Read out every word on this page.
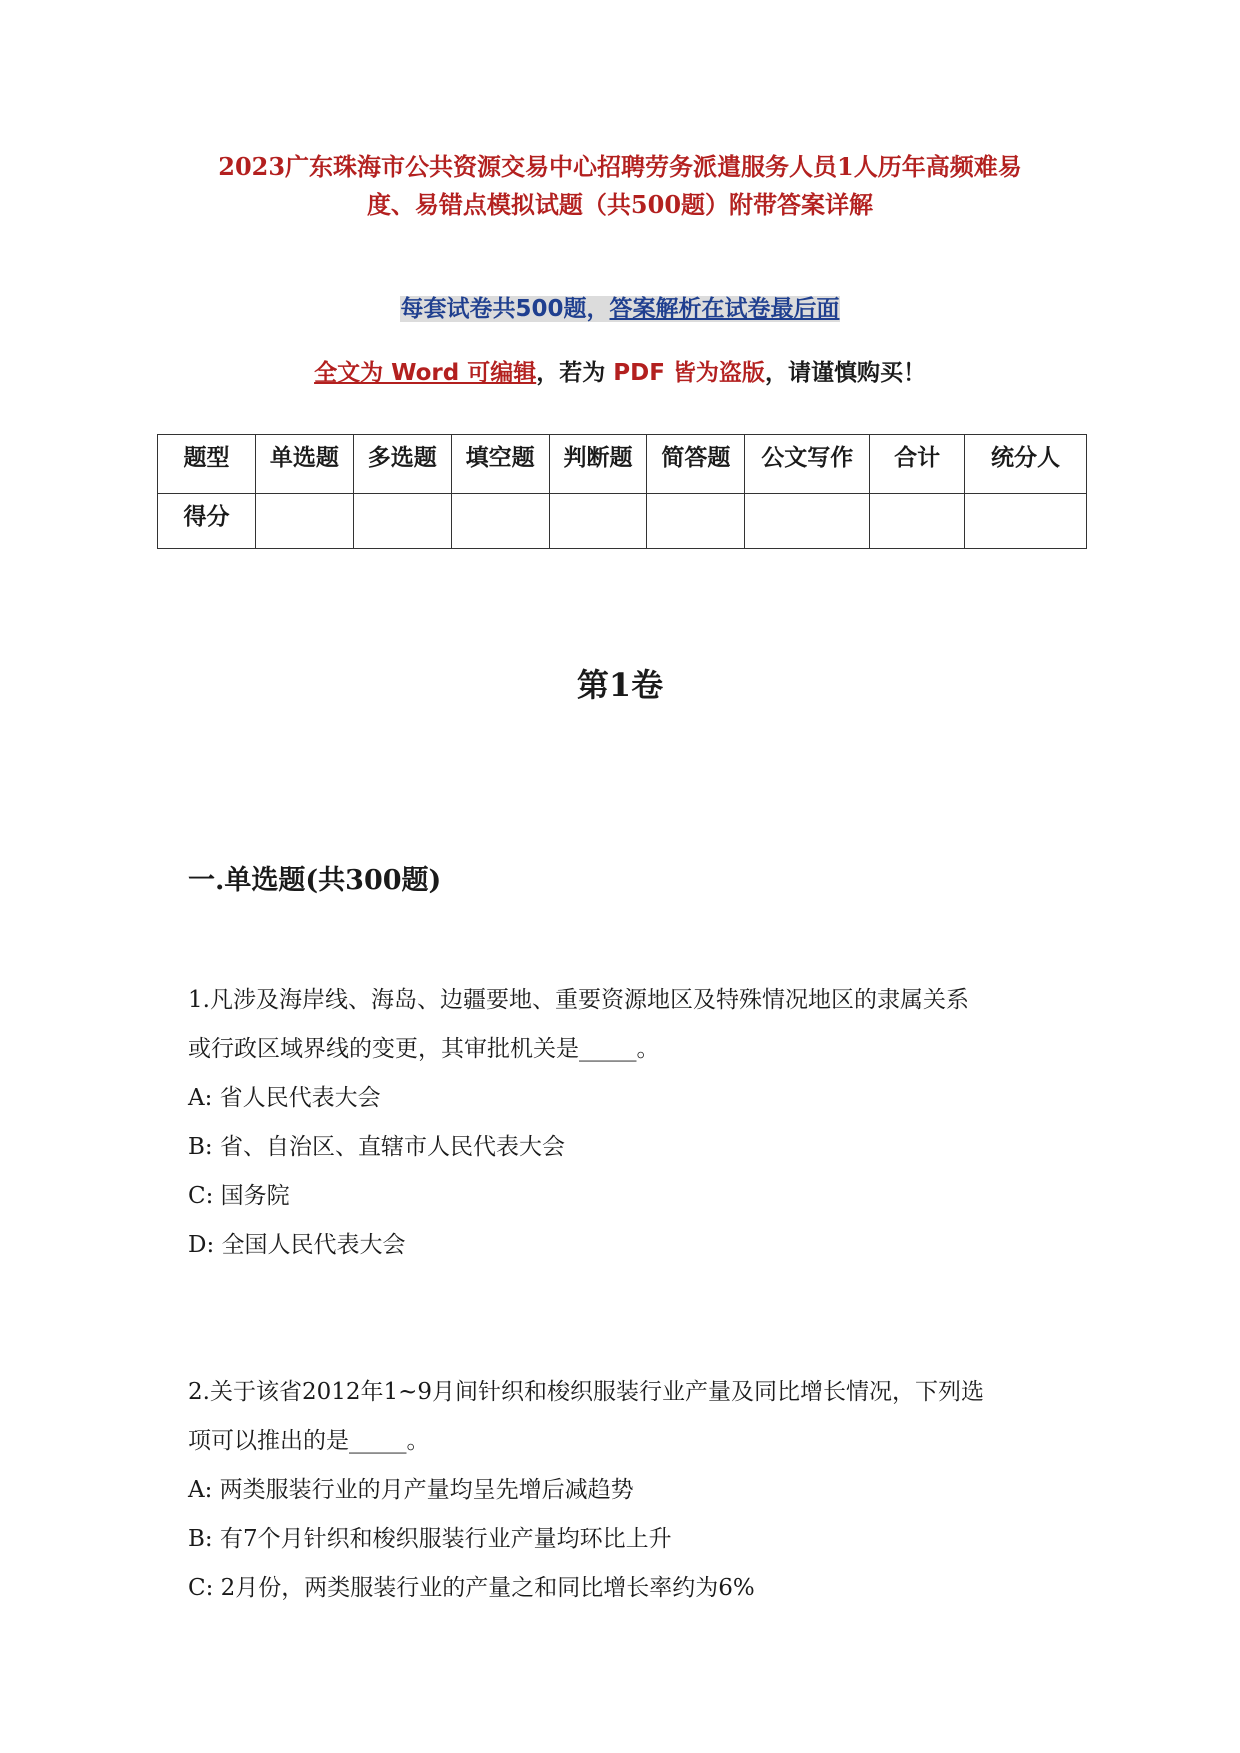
2023广东珠海市公共资源交易中心招聘劳务派遣服务人员1人历年高频难易
度、易错点模拟试题（共500题）附带答案详解
每套试卷共500题，答案解析在试卷最后面
全文为 Word 可编辑，若为 PDF 皆为盗版，请谨慎购买！
题型	单选题	多选题	填空题	判断题	简答题	公文写作	合计	统分人
得分								
第1卷
一.单选题(共300题)
1.凡涉及海岸线、海岛、边疆要地、重要资源地区及特殊情况地区的隶属关系
或行政区域界线的变更，其审批机关是_____。
A: 省人民代表大会
B: 省、自治区、直辖市人民代表大会
C: 国务院
D: 全国人民代表大会
2.关于该省2012年1~9月间针织和梭织服装行业产量及同比增长情况，下列选
项可以推出的是_____。
A: 两类服装行业的月产量均呈先增后减趋势
B: 有7个月针织和梭织服装行业产量均环比上升
C: 2月份，两类服装行业的产量之和同比增长率约为6%
